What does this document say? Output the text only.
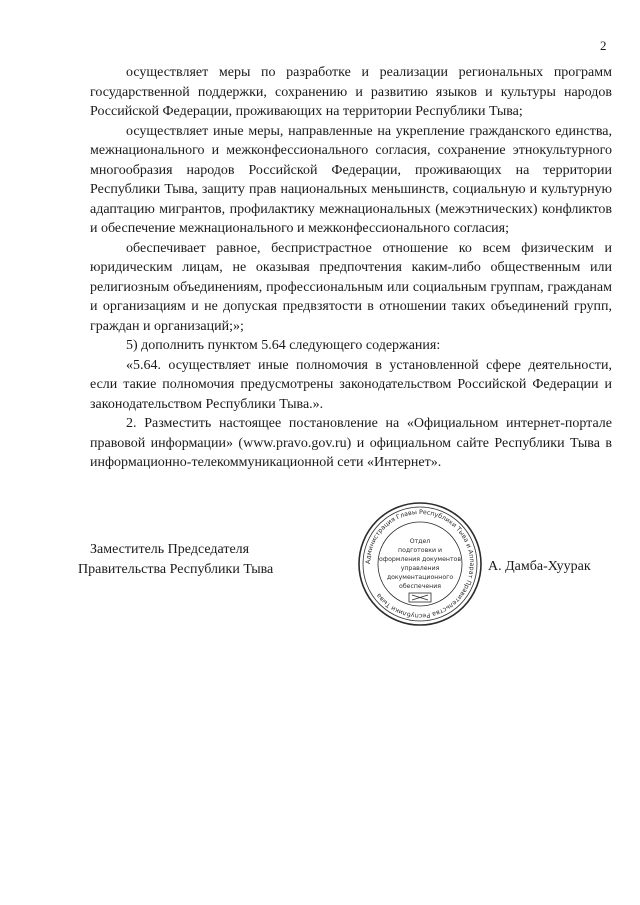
2

осуществляет меры по разработке и реализации региональных программ государственной поддержки, сохранению и развитию языков и культуры народов Российской Федерации, проживающих на территории Республики Тыва;

осуществляет иные меры, направленные на укрепление гражданского единства, межнационального и межконфессионального согласия, сохранение этнокультурного многообразия народов Российской Федерации, проживающих на территории Республики Тыва, защиту прав национальных меньшинств, социальную и культурную адаптацию мигрантов, профилактику межнациональных (межэтнических) конфликтов и обеспечение межнационального и межконфессионального согласия;

обеспечивает равное, беспристрастное отношение ко всем физическим и юридическим лицам, не оказывая предпочтения каким-либо общественным или религиозным объединениям, профессиональным или социальным группам, гражданам и организациям и не допуская предвзятости в отношении таких объединений групп, граждан и организаций;»;

5) дополнить пунктом 5.64 следующего содержания:

«5.64. осуществляет иные полномочия в установленной сфере деятельности, если такие полномочия предусмотрены законодательством Российской Федерации и законодательством Республики Тыва.».

2. Разместить настоящее постановление на «Официальном интернет-портале правовой информации» (www.pravo.gov.ru) и официальном сайте Республики Тыва в информационно-телекоммуникационной сети «Интернет».

Заместитель Председателя
Правительства Республики Тыва	Администрация Главы Республики Тыва и Аппарат Правительства Республики Тыва
Отдел
подготовки и
оформления документов
управления
документационного
обеспечения
А. Дамба-Хуурак
